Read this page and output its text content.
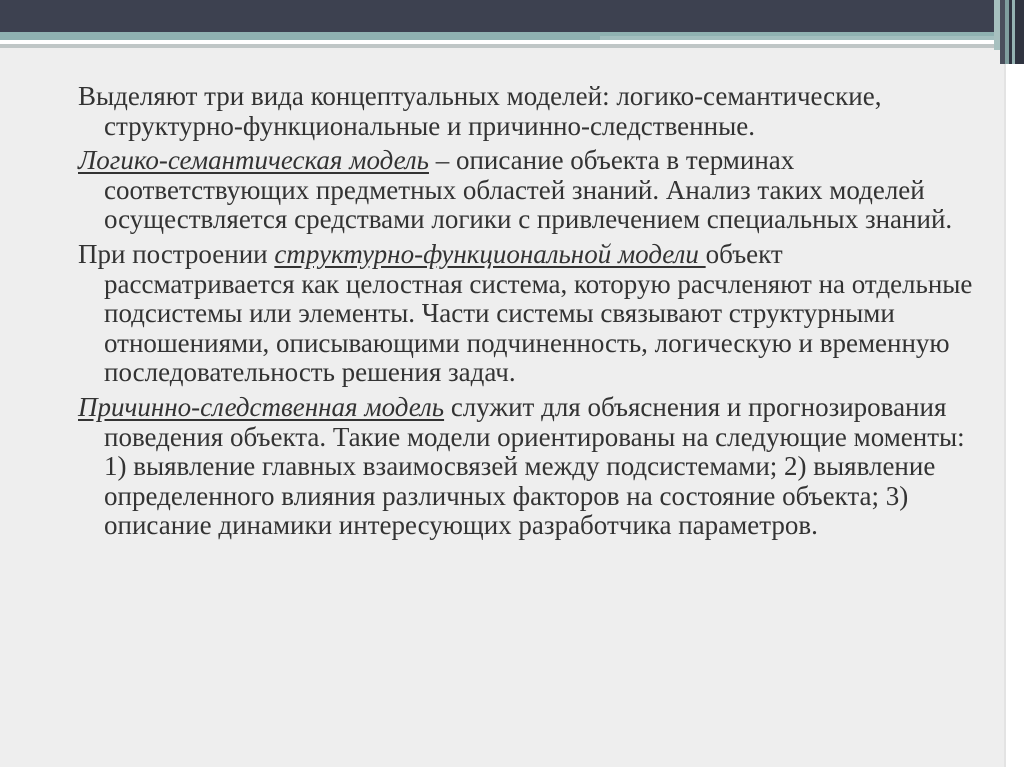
Выделяют три вида концептуальных моделей: логико-семантические, структурно-функциональные и причинно-следственные.

Логико-семантическая модель – описание объекта в терминах соответствующих предметных областей знаний. Анализ таких моделей осуществляется средствами логики с привлечением специальных знаний.

При построении структурно-функциональной модели объект рассматривается как целостная система, которую расчленяют на отдельные подсистемы или элементы. Части системы связывают структурными отношениями, описывающими подчиненность, логическую и временную последовательность решения задач.

Причинно-следственная модель служит для объяснения и прогнозирования поведения объекта. Такие модели ориентированы на следующие моменты: 1) выявление главных взаимосвязей между подсистемами; 2) выявление определенного влияния различных факторов на состояние объекта; 3) описание динамики интересующих разработчика параметров.
